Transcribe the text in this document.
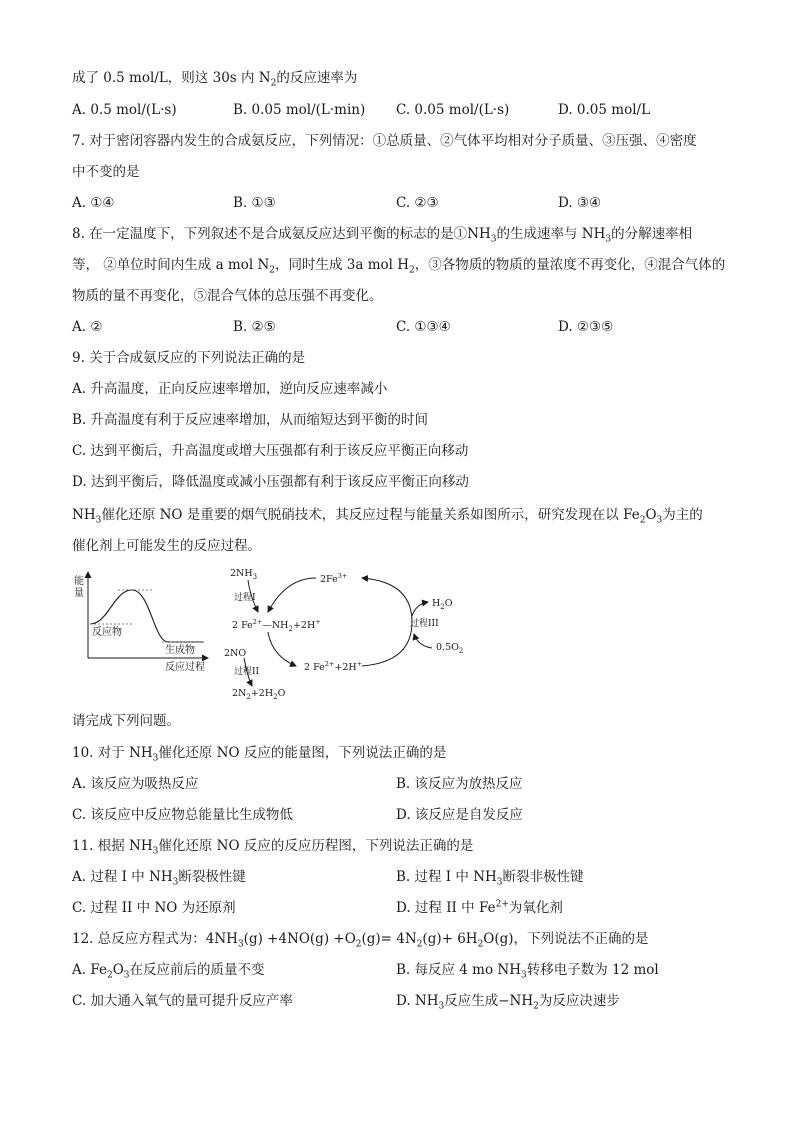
成了 0.5 mol/L，则这 30s 内 $N_2$的反应速率为
A. 0.5 mol/(L·s)	B. 0.05 mol/(L·min) C. 0.05 mol/(L·s)	D. 0.05 mol/L
7. 对于密闭容器内发生的合成氨反应，下列情况：①总质量、②气体平均相对分子质量、③压强、④密度
中不变的是
A. ①④	B. ①③	C. ②③	D. ③④
8. 在一定温度下，下列叙述不是合成氨反应达到平衡的标志的是$①NH_3$的生成速率与 $NH_3$的分解速率相
等， ②单位时间内生成 a mol $N_2$，同时生成 3a mol $H_2$，③各物质的物质的量浓度不再变化，④混合气体的
物质的量不再变化，⑤混合气体的总压强不再变化。
A. ②	B. ②⑤	C. ①③④	D. ②③⑤
9. 关于合成氨反应的下列说法正确的是
A. 升高温度，正向反应速率增加，逆向反应速率减小
B. 升高温度有利于反应速率增加，从而缩短达到平衡的时间
C. 达到平衡后，升高温度或增大压强都有利于该反应平衡正向移动
D. 达到平衡后，降低温度或减小压强都有利于该反应平衡正向移动
$NH_3$催化还原 NO 是重要的烟气脱硝技术，其反应过程与能量关系如图所示，研究发现在以 $Fe_2O_3$为主的
催化剂上可能发生的反应过程。
能
量
反应物
生成物
反应过程
$2NH_3$
过程I
$2Fe^{3+}$
2 $Fe^{2+}—NH_2+2H^+$
2NO
过程II
$2N_2+2H_2O$
2 $Fe^{2+}+2H^+$
过程III
$H_2O$
$0.5O_2$
请完成下列问题。
10. 对于 $NH_3$催化还原 NO 反应的能量图，下列说法正确的是
A. 该反应为吸热反应	B. 该反应为放热反应
C. 该反应中反应物总能量比生成物低	D. 该反应是自发反应
11. 根据 $NH_3$催化还原 NO 反应的反应历程图，下列说法正确的是
A. 过程 I 中 $NH_3$断裂极性键	B. 过程 I 中 $NH_3$断裂非极性键
C. 过程 II 中 NO 为还原剂	D. 过程 II 中 $Fe^{2+}$为氧化剂
12. 总反应方程式为：$4NH_3(g) +4NO(g) +O_2(g)= 4N_2(g)+ 6H_2O(g)$，下列说法不正确的是
A. $Fe_2O_3$在反应前后的质量不变	B. 每反应 4 mo $NH_3$转移电子数为 12 mol
C. 加大通入氧气的量可提升反应产率	D. $NH_3$反应生成$-NH_2$为反应决速步
